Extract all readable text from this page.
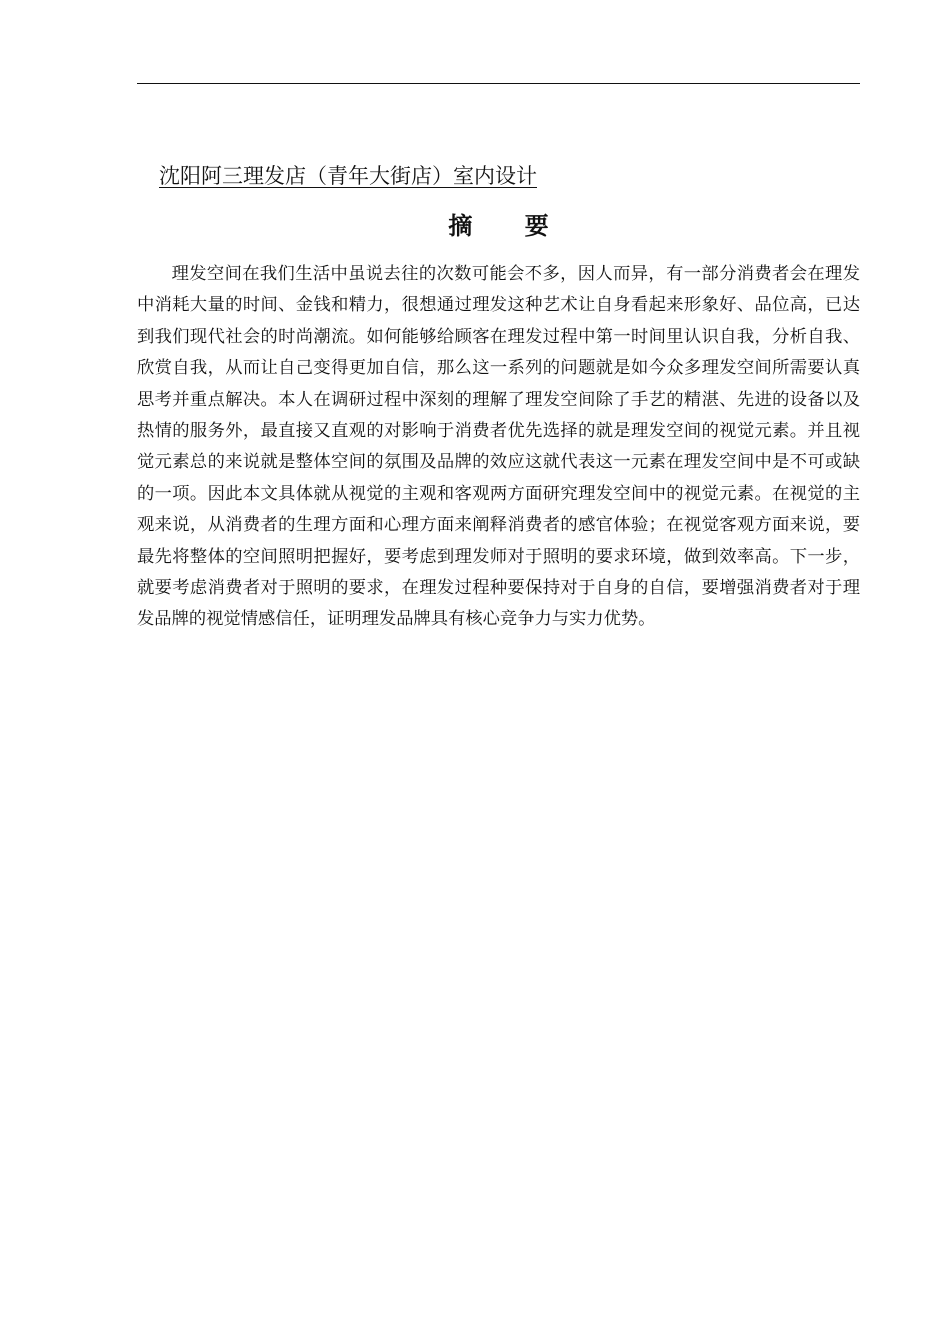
沈阳阿三理发店（青年大街店）室内设计
摘 要

理发空间在我们生活中虽说去往的次数可能会不多，因人而异，有一部分消费者会在理发中消耗大量的时间、金钱和精力，很想通过理发这种艺术让自身看起来形象好、品位高，已达到我们现代社会的时尚潮流。如何能够给顾客在理发过程中第一时间里认识自我，分析自我、欣赏自我，从而让自己变得更加自信，那么这一系列的问题就是如今众多理发空间所需要认真思考并重点解决。本人在调研过程中深刻的理解了理发空间除了手艺的精湛、先进的设备以及热情的服务外，最直接又直观的对影响于消费者优先选择的就是理发空间的视觉元素。并且视觉元素总的来说就是整体空间的氛围及品牌的效应这就代表这一元素在理发空间中是不可或缺的一项。因此本文具体就从视觉的主观和客观两方面研究理发空间中的视觉元素。在视觉的主观来说，从消费者的生理方面和心理方面来阐释消费者的感官体验；在视觉客观方面来说，要最先将整体的空间照明把握好，要考虑到理发师对于照明的要求环境，做到效率高。下一步，就要考虑消费者对于照明的要求，在理发过程种要保持对于自身的自信，要增强消费者对于理发品牌的视觉情感信任，证明理发品牌具有核心竞争力与实力优势。
